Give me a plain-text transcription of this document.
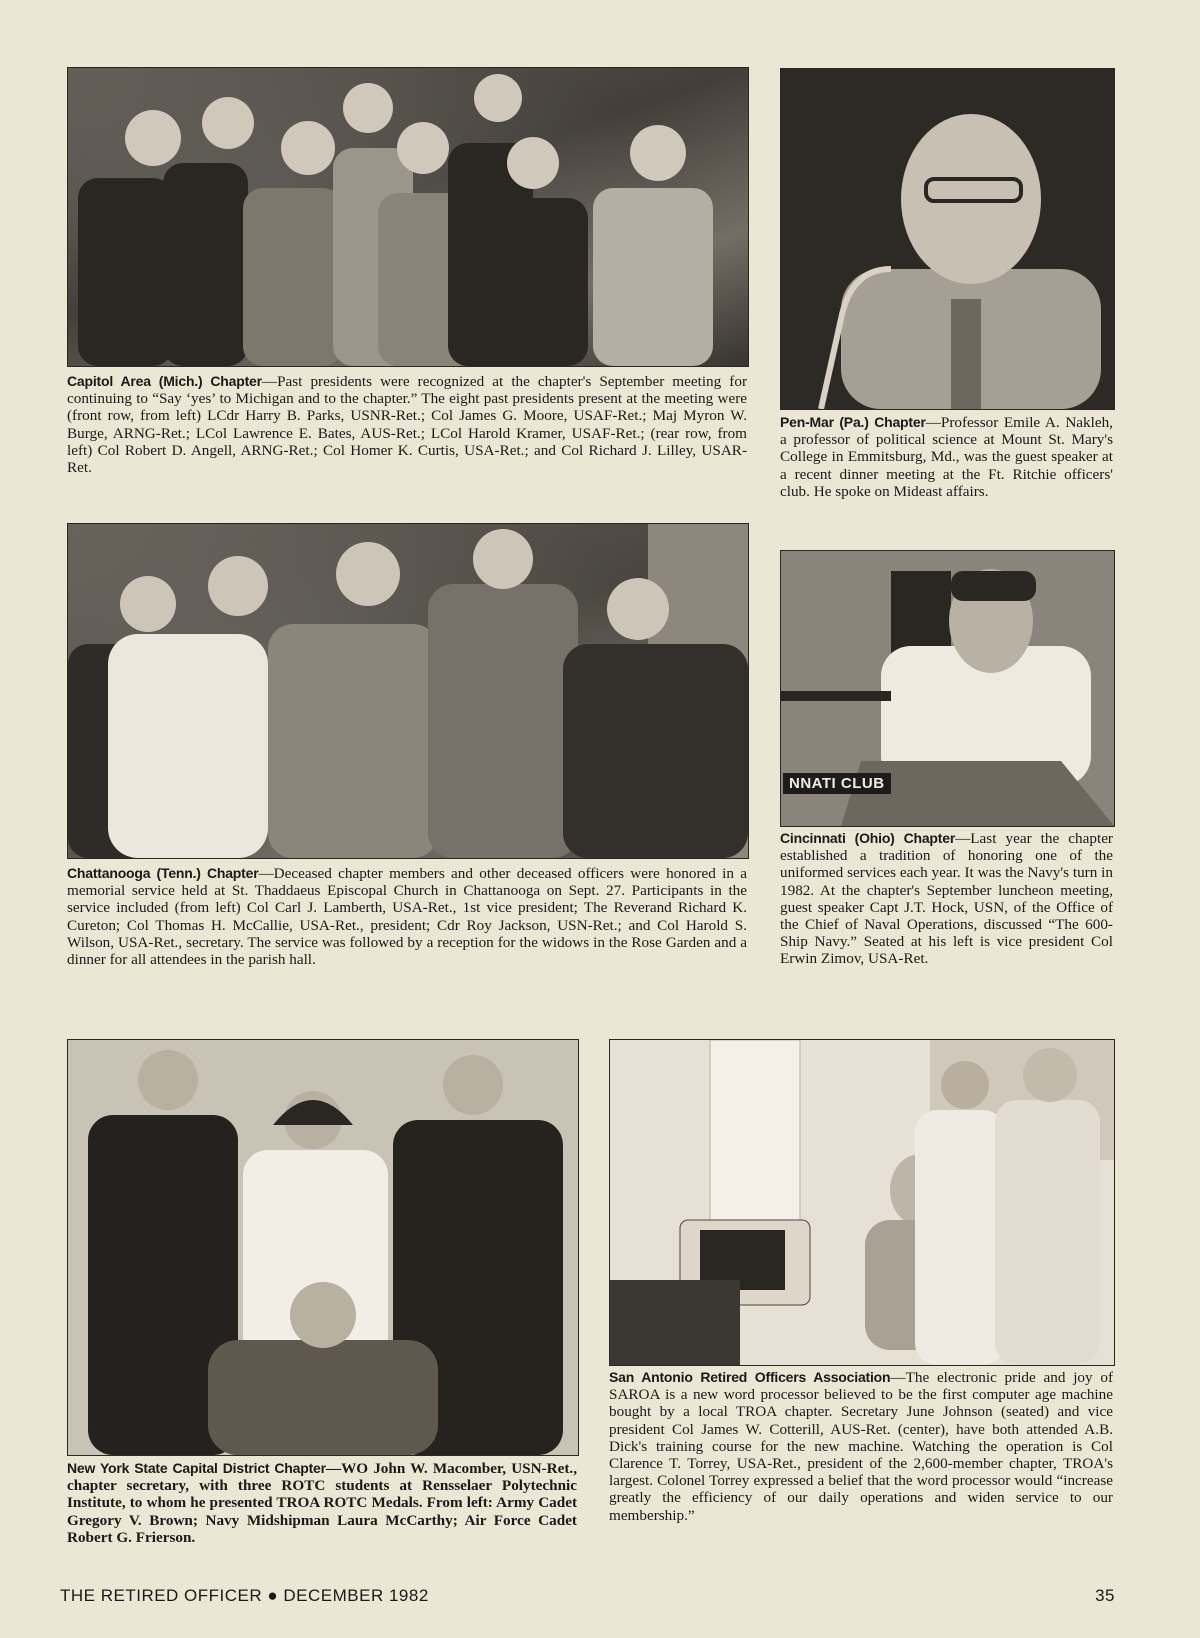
Capitol Area (Mich.) Chapter—Past presidents were recognized at the chapter's September meeting for continuing to “Say ‘yes’ to Michigan and to the chapter.” The eight past presidents present at the meeting were (front row, from left) LCdr Harry B. Parks, USNR-Ret.; Col James G. Moore, USAF-Ret.; Maj Myron W. Burge, ARNG-Ret.; LCol Lawrence E. Bates, AUS-Ret.; LCol Harold Kramer, USAF-Ret.; (rear row, from left) Col Robert D. Angell, ARNG-Ret.; Col Homer K. Curtis, USA-Ret.; and Col Richard J. Lilley, USAR-Ret.
Pen-Mar (Pa.) Chapter—Professor Emile A. Nakleh, a professor of political science at Mount St. Mary's College in Emmitsburg, Md., was the guest speaker at a recent dinner meeting at the Ft. Ritchie officers' club. He spoke on Mideast affairs.
Chattanooga (Tenn.) Chapter—Deceased chapter members and other deceased officers were honored in a memorial service held at St. Thaddaeus Episcopal Church in Chattanooga on Sept. 27. Participants in the service included (from left) Col Carl J. Lamberth, USA-Ret., 1st vice president; The Reverand Richard K. Cureton; Col Thomas H. McCallie, USA-Ret., president; Cdr Roy Jackson, USN-Ret.; and Col Harold S. Wilson, USA-Ret., secretary. The service was followed by a reception for the widows in the Rose Garden and a dinner for all attendees in the parish hall.
NNATI CLUB
Cincinnati (Ohio) Chapter—Last year the chapter established a tradition of honoring one of the uniformed services each year. It was the Navy's turn in 1982. At the chapter's September luncheon meeting, guest speaker Capt J.T. Hock, USN, of the Office of the Chief of Naval Operations, discussed “The 600-Ship Navy.” Seated at his left is vice president Col Erwin Zimov, USA-Ret.
New York State Capital District Chapter—WO John W. Macomber, USN-Ret., chapter secretary, with three ROTC students at Rensselaer Polytechnic Institute, to whom he presented TROA ROTC Medals. From left: Army Cadet Gregory V. Brown; Navy Midshipman Laura McCarthy; Air Force Cadet Robert G. Frierson.
San Antonio Retired Officers Association—The electronic pride and joy of SAROA is a new word processor believed to be the first computer age machine bought by a local TROA chapter. Secretary June Johnson (seated) and vice president Col James W. Cotterill, AUS-Ret. (center), have both attended A.B. Dick's training course for the new machine. Watching the operation is Col Clarence T. Torrey, USA-Ret., president of the 2,600-member chapter, TROA's largest. Colonel Torrey expressed a belief that the word processor would “increase greatly the efficiency of our daily operations and widen service to our membership.”
THE RETIRED OFFICER ● DECEMBER 1982	35
